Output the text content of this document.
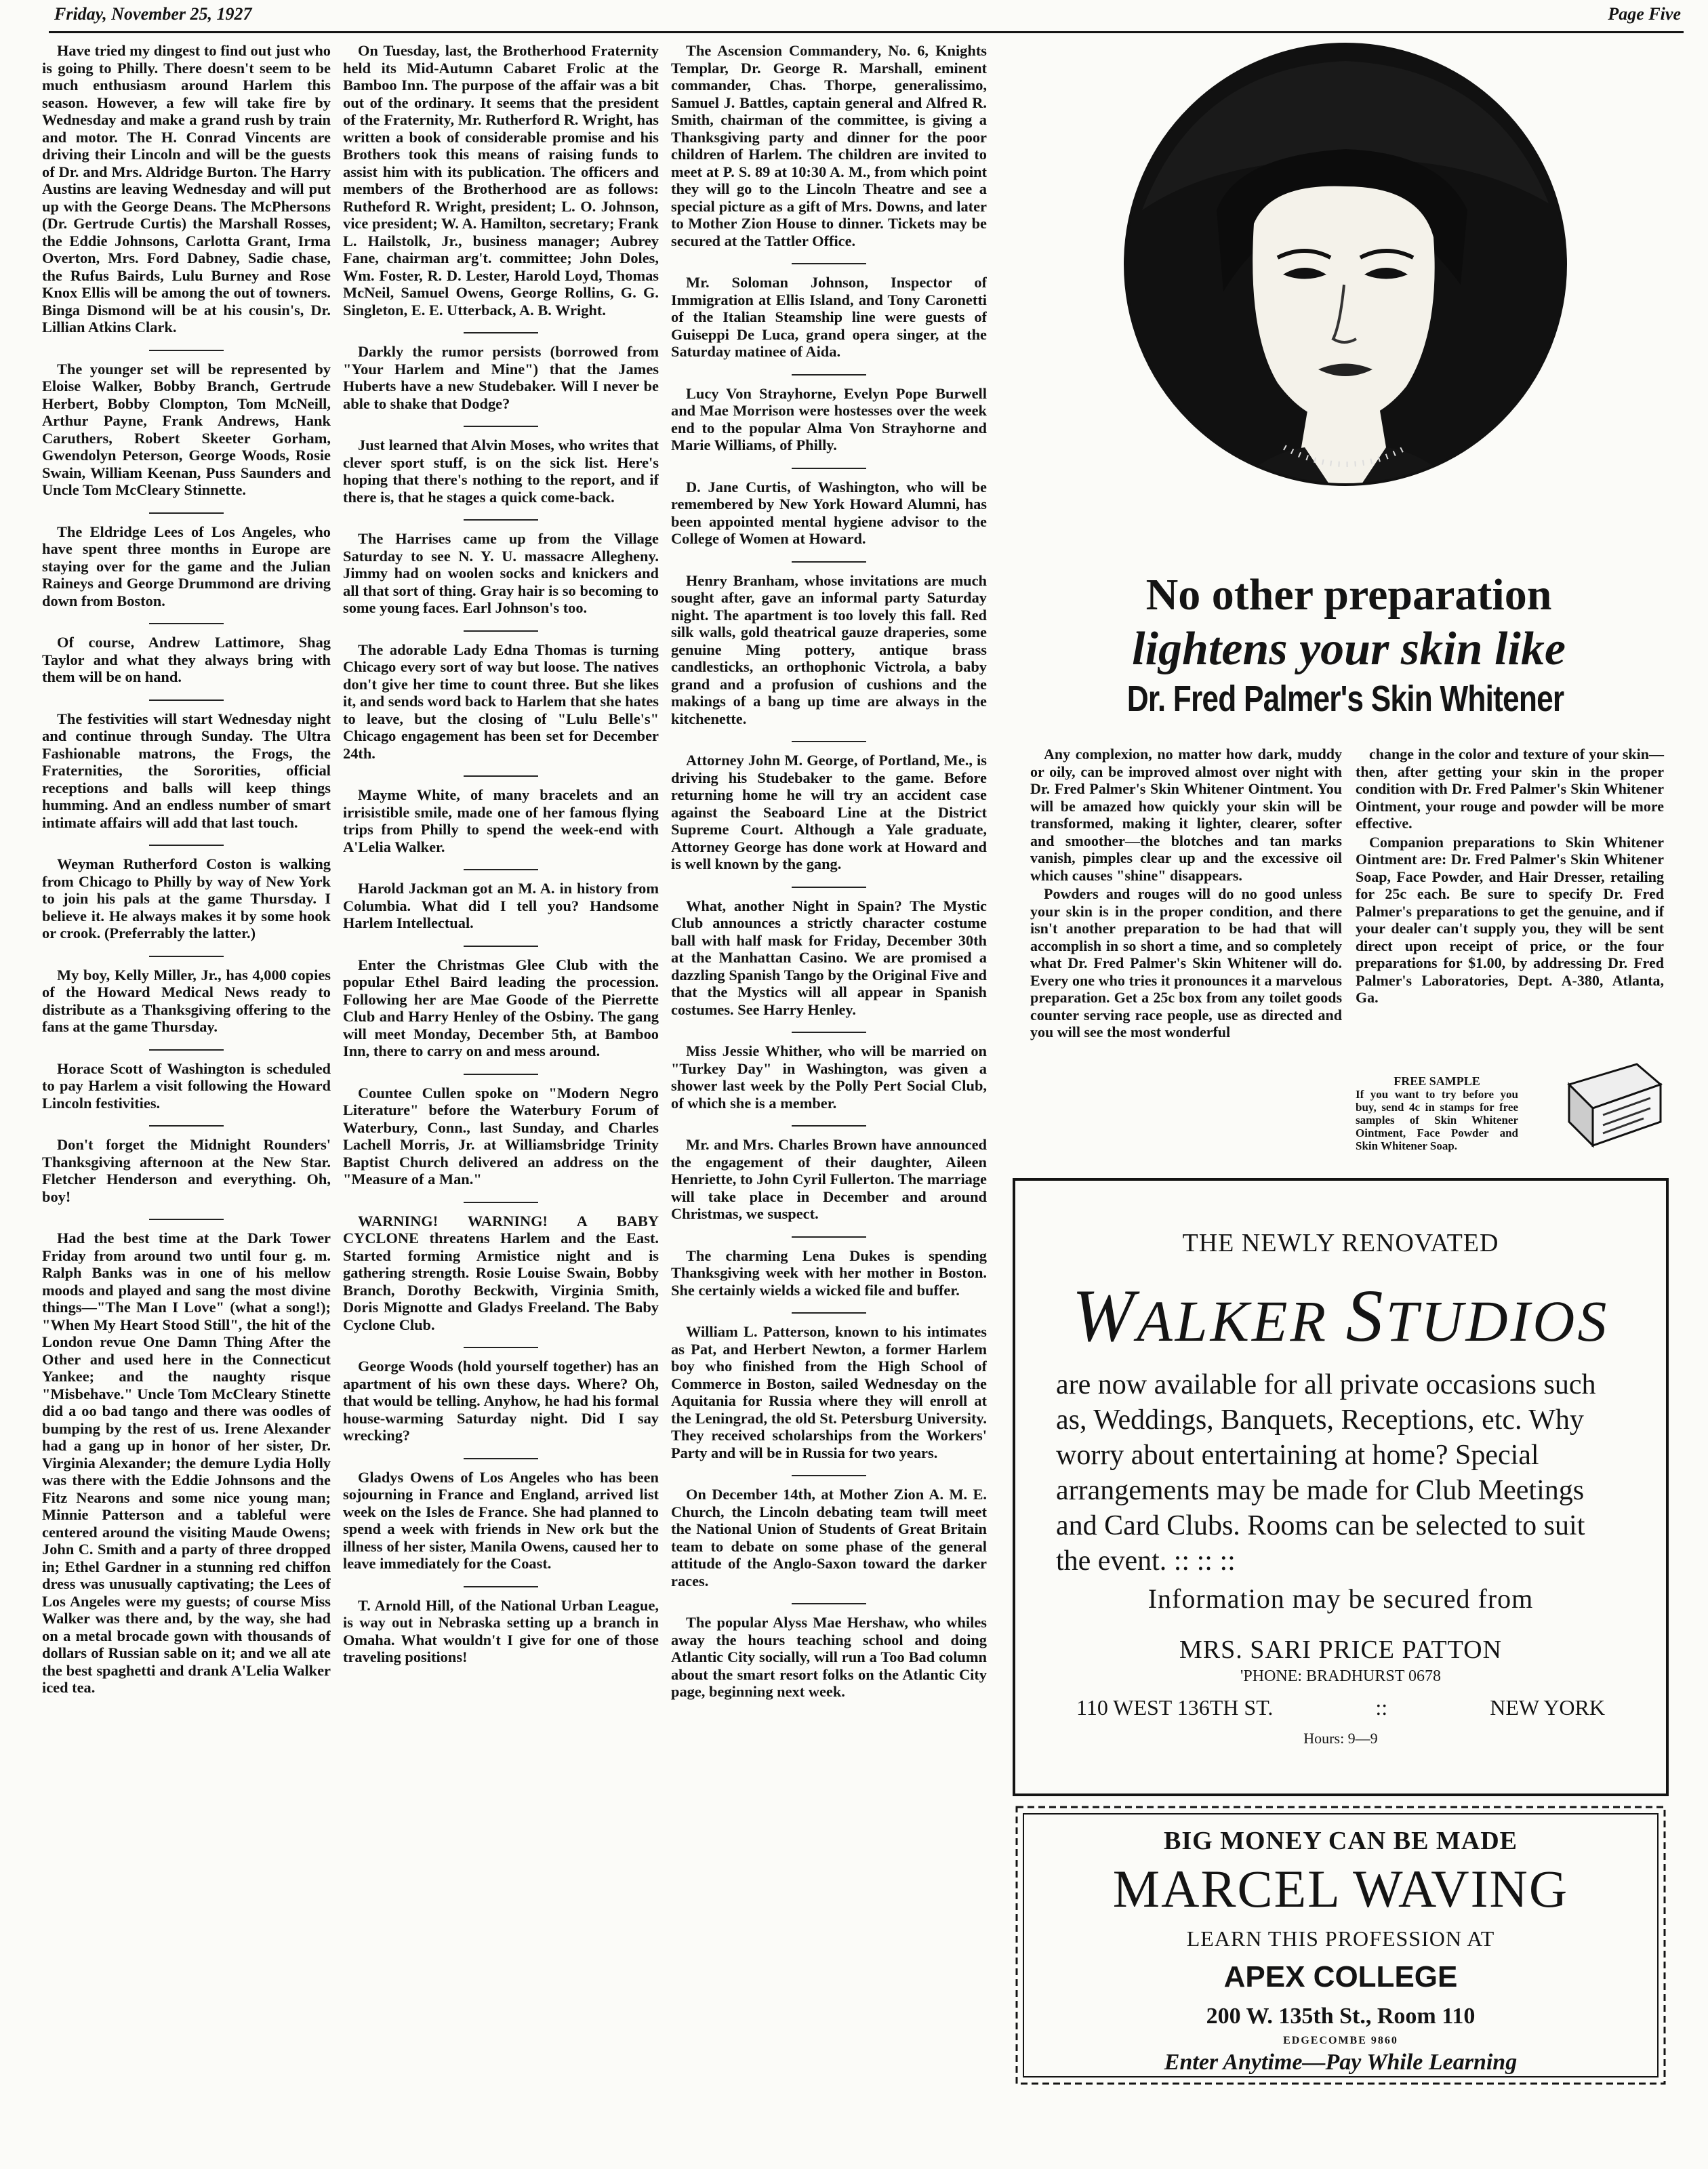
Friday, November 25, 1927	Page Five

Have tried my dingest to find out just who is going to Philly. There doesn't seem to be much enthusiasm around Harlem this season. However, a few will take fire by Wednesday and make a grand rush by train and motor. The H. Conrad Vincents are driving their Lincoln and will be the guests of Dr. and Mrs. Aldridge Burton. The Harry Austins are leaving Wednesday and will put up with the George Deans. The McPhersons (Dr. Gertrude Curtis) the Marshall Rosses, the Eddie Johnsons, Carlotta Grant, Irma Overton, Mrs. Ford Dabney, Sadie chase, the Rufus Bairds, Lulu Burney and Rose Knox Ellis will be among the out of towners. Binga Dismond will be at his cousin's, Dr. Lillian Atkins Clark.

The younger set will be represented by Eloise Walker, Bobby Branch, Gertrude Herbert, Bobby Clompton, Tom McNeill, Arthur Payne, Frank Andrews, Hank Caruthers, Robert Skeeter Gorham, Gwendolyn Peterson, George Woods, Rosie Swain, William Keenan, Puss Saunders and Uncle Tom McCleary Stinnette.

The Eldridge Lees of Los Angeles, who have spent three months in Europe are staying over for the game and the Julian Raineys and George Drummond are driving down from Boston.

Of course, Andrew Lattimore, Shag Taylor and what they always bring with them will be on hand.

The festivities will start Wednesday night and continue through Sunday. The Ultra Fashionable matrons, the Frogs, the Fraternities, the Sororities, official receptions and balls will keep things humming. And an endless number of smart intimate affairs will add that last touch.

Weyman Rutherford Coston is walking from Chicago to Philly by way of New York to join his pals at the game Thursday. I believe it. He always makes it by some hook or crook. (Preferrably the latter.)

My boy, Kelly Miller, Jr., has 4,000 copies of the Howard Medical News ready to distribute as a Thanksgiving offering to the fans at the game Thursday.

Horace Scott of Washington is scheduled to pay Harlem a visit following the Howard Lincoln festivities.

Don't forget the Midnight Rounders' Thanksgiving afternoon at the New Star. Fletcher Henderson and everything. Oh, boy!

Had the best time at the Dark Tower Friday from around two until four g. m. Ralph Banks was in one of his mellow moods and played and sang the most divine things—"The Man I Love" (what a song!); "When My Heart Stood Still", the hit of the London revue One Damn Thing After the Other and used here in the Connecticut Yankee; and the naughty risque "Misbehave." Uncle Tom McCleary Stinette did a oo bad tango and there was oodles of bumping by the rest of us. Irene Alexander had a gang up in honor of her sister, Dr. Virginia Alexander; the demure Lydia Holly was there with the Eddie Johnsons and the Fitz Nearons and some nice young man; Minnie Patterson and a tableful were centered around the visiting Maude Owens; John C. Smith and a party of three dropped in; Ethel Gardner in a stunning red chiffon dress was unusually captivating; the Lees of Los Angeles were my guests; of course Miss Walker was there and, by the way, she had on a metal brocade gown with thousands of dollars of Russian sable on it; and we all ate the best spaghetti and drank A'Lelia Walker iced tea.

On Tuesday, last, the Brotherhood Fraternity held its Mid-Autumn Cabaret Frolic at the Bamboo Inn. The purpose of the affair was a bit out of the ordinary. It seems that the president of the Fraternity, Mr. Rutherford R. Wright, has written a book of considerable promise and his Brothers took this means of raising funds to assist him with its publication. The officers and members of the Brotherhood are as follows: Rutheford R. Wright, president; L. O. Johnson, vice president; W. A. Hamilton, secretary; Frank L. Hailstolk, Jr., business manager; Aubrey Fane, chairman arg't. committee; John Doles, Wm. Foster, R. D. Lester, Harold Loyd, Thomas McNeil, Samuel Owens, George Rollins, G. G. Singleton, E. E. Utterback, A. B. Wright.

Darkly the rumor persists (borrowed from "Your Harlem and Mine") that the James Huberts have a new Studebaker. Will I never be able to shake that Dodge?

Just learned that Alvin Moses, who writes that clever sport stuff, is on the sick list. Here's hoping that there's nothing to the report, and if there is, that he stages a quick come-back.

The Harrises came up from the Village Saturday to see N. Y. U. massacre Allegheny. Jimmy had on woolen socks and knickers and all that sort of thing. Gray hair is so becoming to some young faces. Earl Johnson's too.

The adorable Lady Edna Thomas is turning Chicago every sort of way but loose. The natives don't give her time to count three. But she likes it, and sends word back to Harlem that she hates to leave, but the closing of "Lulu Belle's" Chicago engagement has been set for December 24th.

Mayme White, of many bracelets and an irrisistible smile, made one of her famous flying trips from Philly to spend the week-end with A'Lelia Walker.

Harold Jackman got an M. A. in history from Columbia. What did I tell you? Handsome Harlem Intellectual.

Enter the Christmas Glee Club with the popular Ethel Baird leading the procession. Following her are Mae Goode of the Pierrette Club and Harry Henley of the Osbiny. The gang will meet Monday, December 5th, at Bamboo Inn, there to carry on and mess around.

Countee Cullen spoke on "Modern Negro Literature" before the Waterbury Forum of Waterbury, Conn., last Sunday, and Charles Lachell Morris, Jr. at Williamsbridge Trinity Baptist Church delivered an address on the "Measure of a Man."

WARNING! WARNING! A BABY CYCLONE threatens Harlem and the East. Started forming Armistice night and is gathering strength. Rosie Louise Swain, Bobby Branch, Dorothy Beckwith, Virginia Smith, Doris Mignotte and Gladys Freeland. The Baby Cyclone Club.

George Woods (hold yourself together) has an apartment of his own these days. Where? Oh, that would be telling. Anyhow, he had his formal house-warming Saturday night. Did I say wrecking?

Gladys Owens of Los Angeles who has been sojourning in France and England, arrived list week on the Isles de France. She had planned to spend a week with friends in New ork but the illness of her sister, Manila Owens, caused her to leave immediately for the Coast.

T. Arnold Hill, of the National Urban League, is way out in Nebraska setting up a branch in Omaha. What wouldn't I give for one of those traveling positions!

The Ascension Commandery, No. 6, Knights Templar, Dr. George R. Marshall, eminent commander, Chas. Thorpe, generalissimo, Samuel J. Battles, captain general and Alfred R. Smith, chairman of the committee, is giving a Thanksgiving party and dinner for the poor children of Harlem. The children are invited to meet at P. S. 89 at 10:30 A. M., from which point they will go to the Lincoln Theatre and see a special picture as a gift of Mrs. Downs, and later to Mother Zion House to dinner. Tickets may be secured at the Tattler Office.

Mr. Soloman Johnson, Inspector of Immigration at Ellis Island, and Tony Caronetti of the Italian Steamship line were guests of Guiseppi De Luca, grand opera singer, at the Saturday matinee of Aida.

Lucy Von Strayhorne, Evelyn Pope Burwell and Mae Morrison were hostesses over the week end to the popular Alma Von Strayhorne and Marie Williams, of Philly.

D. Jane Curtis, of Washington, who will be remembered by New York Howard Alumni, has been appointed mental hygiene advisor to the College of Women at Howard.

Henry Branham, whose invitations are much sought after, gave an informal party Saturday night. The apartment is too lovely this fall. Red silk walls, gold theatrical gauze draperies, some genuine Ming pottery, antique brass candlesticks, an orthophonic Victrola, a baby grand and a profusion of cushions and the makings of a bang up time are always in the kitchenette.

Attorney John M. George, of Portland, Me., is driving his Studebaker to the game. Before returning home he will try an accident case against the Seaboard Line at the District Supreme Court. Although a Yale graduate, Attorney George has done work at Howard and is well known by the gang.

What, another Night in Spain? The Mystic Club announces a strictly character costume ball with half mask for Friday, December 30th at the Manhattan Casino. We are promised a dazzling Spanish Tango by the Original Five and that the Mystics will all appear in Spanish costumes. See Harry Henley.

Miss Jessie Whither, who will be married on "Turkey Day" in Washington, was given a shower last week by the Polly Pert Social Club, of which she is a member.

Mr. and Mrs. Charles Brown have announced the engagement of their daughter, Aileen Henriette, to John Cyril Fullerton. The marriage will take place in December and around Christmas, we suspect.

The charming Lena Dukes is spending Thanksgiving week with her mother in Boston. She certainly wields a wicked file and buffer.

William L. Patterson, known to his intimates as Pat, and Herbert Newton, a former Harlem boy who finished from the High School of Commerce in Boston, sailed Wednesday on the Aquitania for Russia where they will enroll at the Leningrad, the old St. Petersburg University. They received scholarships from the Workers' Party and will be in Russia for two years.

On December 14th, at Mother Zion A. M. E. Church, the Lincoln debating team twill meet the National Union of Students of Great Britain team to debate on some phase of the general attitude of the Anglo-Saxon toward the darker races.

The popular Alyss Mae Hershaw, who whiles away the hours teaching school and doing Atlantic City socially, will run a Too Bad column about the smart resort folks on the Atlantic City page, beginning next week.

No other preparation
lightens your skin like
Dr. Fred Palmer's Skin Whitener

Any complexion, no matter how dark, muddy or oily, can be improved almost over night with Dr. Fred Palmer's Skin Whitener Ointment. You will be amazed how quickly your skin will be transformed, making it lighter, clearer, softer and smoother—the blotches and tan marks vanish, pimples clear up and the excessive oil which causes "shine" disappears.

Powders and rouges will do no good unless your skin is in the proper condition, and there isn't another preparation to be had that will accomplish in so short a time, and so completely what Dr. Fred Palmer's Skin Whitener will do. Every one who tries it pronounces it a marvelous preparation. Get a 25c box from any toilet goods counter serving race people, use as directed and you will see the most wonderful

change in the color and texture of your skin—then, after getting your skin in the proper condition with Dr. Fred Palmer's Skin Whitener Ointment, your rouge and powder will be more effective.

Companion preparations to Skin Whitener Ointment are: Dr. Fred Palmer's Skin Whitener Soap, Face Powder, and Hair Dresser, retailing for 25c each. Be sure to specify Dr. Fred Palmer's preparations to get the genuine, and if your dealer can't supply you, they will be sent direct upon receipt of price, or the four preparations for $1.00, by addressing Dr. Fred Palmer's Laboratories, Dept. A-380, Atlanta, Ga.

FREE SAMPLE
If you want to try before you buy, send 4c in stamps for free samples of Skin Whitener Ointment, Face Powder and Skin Whitener Soap.
THE NEWLY RENOVATED
WALKER STUDIOS
are now available for all private occasions such as, Weddings, Banquets, Receptions, etc. Why worry about entertaining at home? Special arrangements may be made for Club Meetings and Card Clubs. Rooms can be selected to suit the event. :: :: ::
Information may be secured from
MRS. SARI PRICE PATTON
'PHONE: BRADHURST 0678
110 WEST 136TH ST.	::	NEW YORK
Hours: 9—9
BIG MONEY CAN BE MADE
MARCEL WAVING
LEARN THIS PROFESSION AT
APEX COLLEGE
200 W. 135th St., Room 110
EDGECOMBE 9860
Enter Anytime—Pay While Learning
